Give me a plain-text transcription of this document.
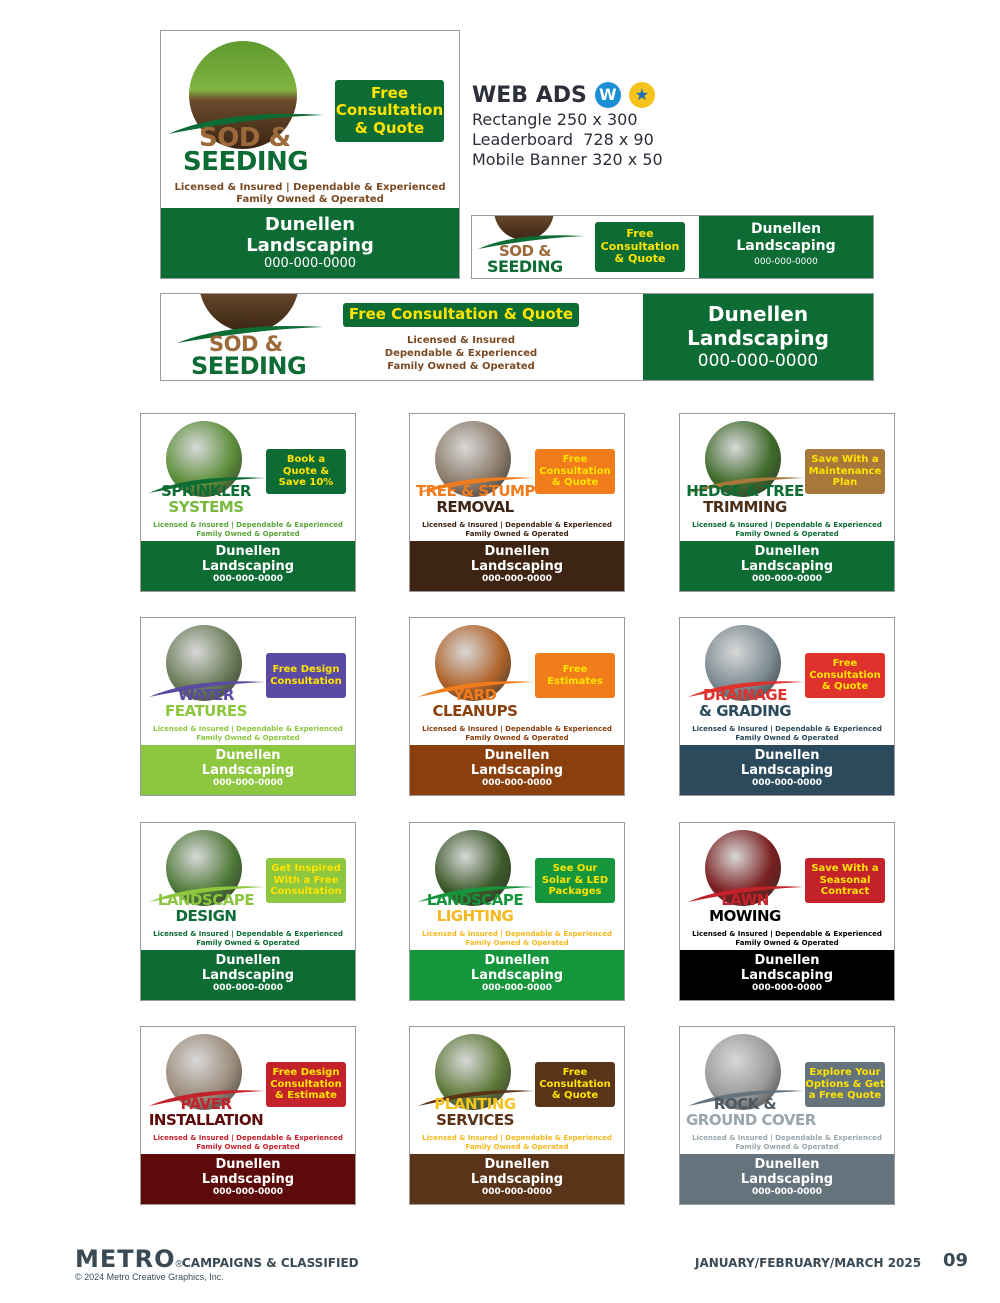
SOD &
SEEDING
Free
Consultation
& Quote
Licensed & Insured | Dependable & Experienced
Family Owned & Operated
Dunellen
Landscaping
000-000-0000
WEB ADS W	★
Rectangle 250 x 300
Leaderboard  728 x 90
Mobile Banner 320 x 50
SOD &
SEEDING
Free
Consultation
& Quote
Dunellen
Landscaping
000-000-0000
SOD &
SEEDING
Free Consultation & Quote
Licensed & Insured
Dependable & Experienced
Family Owned & Operated
Dunellen
Landscaping
000-000-0000
SPRINKLER
SYSTEMS
Book a
Quote &
Save 10%
Licensed & Insured | Dependable & Experienced
Family Owned & Operated
Dunellen
Landscaping
000-000-0000
TREE & STUMP
REMOVAL
Free
Consultation
& Quote
Licensed & Insured | Dependable & Experienced
Family Owned & Operated
Dunellen
Landscaping
000-000-0000
HEDGE & TREE
TRIMMING
Save With a
Maintenance
Plan
Licensed & Insured | Dependable & Experienced
Family Owned & Operated
Dunellen
Landscaping
000-000-0000
WATER
FEATURES
Free Design
Consultation
Licensed & Insured | Dependable & Experienced
Family Owned & Operated
Dunellen
Landscaping
000-000-0000
YARD
CLEANUPS
Free
Estimates
Licensed & Insured | Dependable & Experienced
Family Owned & Operated
Dunellen
Landscaping
000-000-0000
DRAINAGE
& GRADING
Free
Consultation
& Quote
Licensed & Insured | Dependable & Experienced
Family Owned & Operated
Dunellen
Landscaping
000-000-0000
LANDSCAPE
DESIGN
Get Inspired
With a Free
Consultation
Licensed & Insured | Dependable & Experienced
Family Owned & Operated
Dunellen
Landscaping
000-000-0000
LANDSCAPE
LIGHTING
See Our
Solar & LED
Packages
Licensed & Insured | Dependable & Experienced
Family Owned & Operated
Dunellen
Landscaping
000-000-0000
LAWN
MOWING
Save With a
Seasonal
Contract
Licensed & Insured | Dependable & Experienced
Family Owned & Operated
Dunellen
Landscaping
000-000-0000
PAVER
INSTALLATION
Free Design
Consultation
& Estimate
Licensed & Insured | Dependable & Experienced
Family Owned & Operated
Dunellen
Landscaping
000-000-0000
PLANTING
SERVICES
Free
Consultation
& Quote
Licensed & Insured | Dependable & Experienced
Family Owned & Operated
Dunellen
Landscaping
000-000-0000
ROCK &
GROUND COVER
Explore Your
Options & Get
a Free Quote
Licensed & Insured | Dependable & Experienced
Family Owned & Operated
Dunellen
Landscaping
000-000-0000
METRO ® CAMPAIGNS & CLASSIFIED
© 2024 Metro Creative Graphics, Inc.
JANUARY/FEBRUARY/MARCH 2025 09
